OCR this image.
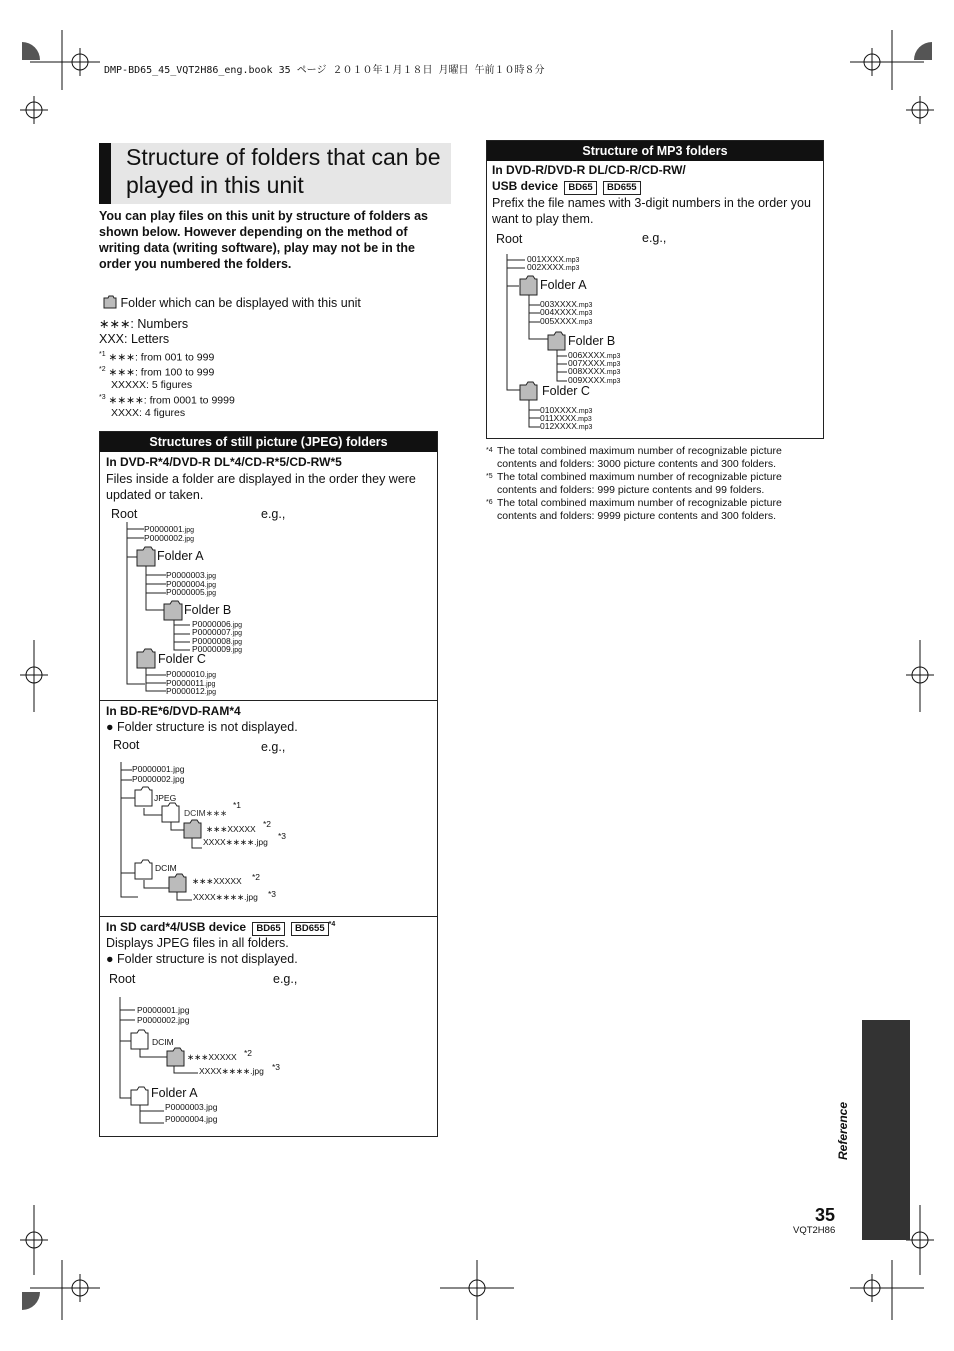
DMP-BD65_45_VQT2H86_eng.book 35 ページ ２０１０年１月１８日 月曜日 午前１０時８分
Structure of folders that can be played in this unit
You can play files on this unit by structure of folders as shown below. However depending on the method of writing data (writing software), play may not be in the order you numbered the folders.
Folder which can be displayed with this unit
∗∗∗: Numbers
XXX: Letters
$^{*1}$ ∗∗∗: from 001 to 999
$^{*2}$ ∗∗∗: from 100 to 999
XXXXX: 5 figures
$^{*3}$ ∗∗∗∗: from 0001 to 9999
XXXX: 4 figures
Structures of still picture (JPEG) folders
In DVD-R*4/DVD-R DL*4/CD-R*5/CD-RW*5
Files inside a folder are displayed in the order they were updated or taken.
Root	e.g.,
P0000001.jpg
P0000002.jpg
Folder A
P0000003.jpg
P0000004.jpg
P0000005.jpg
Folder B
P0000006.jpg
P0000007.jpg
P0000008.jpg
P0000009.jpg
Folder C
P0000010.jpg
P0000011.jpg
P0000012.jpg
In BD-RE*6/DVD-RAM*4
● Folder structure is not displayed.
Root	e.g.,
P0000001.jpg
P0000002.jpg
JPEG
DCIM∗∗∗
*1
∗∗∗XXXXX *2
XXXX∗∗∗∗.jpg
*3
DCIM
∗∗∗XXXXX *2
XXXX∗∗∗∗.jpg *3
In SD card*4/USB device BD65 BD655 $^{*4}$
Displays JPEG files in all folders.
● Folder structure is not displayed.
Root	e.g.,
P0000001.jpg
P0000002.jpg
DCIM
∗∗∗XXXXX *2
XXXX∗∗∗∗.jpg *3
Folder A
P0000003.jpg
P0000004.jpg
Structure of MP3 folders
In DVD-R/DVD-R DL/CD-R/CD-RW/
USB device BD65 BD655
Prefix the file names with 3-digit numbers in the order you want to play them.
Root	e.g.,
001XXXX.mp3
002XXXX.mp3
Folder A
003XXXX.mp3
004XXXX.mp3
005XXXX.mp3
Folder B
006XXXX.mp3
007XXXX.mp3
008XXXX.mp3
009XXXX.mp3
Folder C
010XXXX.mp3
011XXXX.mp3
012XXXX.mp3
*4 The total combined maximum number of recognizable picture contents and folders: 3000 picture contents and 300 folders.
*5 The total combined maximum number of recognizable picture contents and folders: 999 picture contents and 99 folders.
*6 The total combined maximum number of recognizable picture contents and folders: 9999 picture contents and 300 folders.
Reference
35
VQT2H86
